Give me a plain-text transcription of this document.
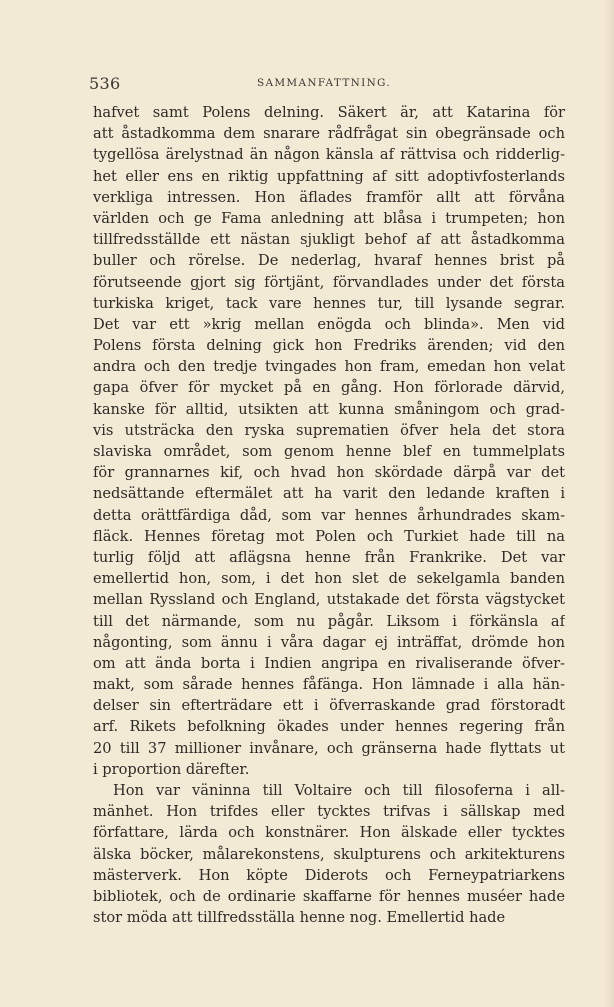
536	SAMMANFATTNING.
hafvet samt Polens delning. Säkert är, att Katarina för
att åstadkomma dem snarare rådfrågat sin obegränsade och
tygellösa ärelystnad än någon känsla af rättvisa och ridderlig-
het eller ens en riktig uppfattning af sitt adoptivfosterlands
verkliga intressen. Hon äflades framför allt att förvåna
världen och ge Fama anledning att blåsa i trumpeten; hon
tillfredsställde ett nästan sjukligt behof af att åstadkomma
buller och rörelse. De nederlag, hvaraf hennes brist på
förutseende gjort sig förtjänt, förvandlades under det första
turkiska kriget, tack vare hennes tur, till lysande segrar.
Det var ett »krig mellan enögda och blinda». Men vid
Polens första delning gick hon Fredriks ärenden; vid den
andra och den tredje tvingades hon fram, emedan hon velat
gapa öfver för mycket på en gång. Hon förlorade därvid,
kanske för alltid, utsikten att kunna småningom och grad-
vis utsträcka den ryska suprematien öfver hela det stora
slaviska området, som genom henne blef en tummelplats
för grannarnes kif, och hvad hon skördade därpå var det
nedsättande eftermälet att ha varit den ledande kraften i
detta orättfärdiga dåd, som var hennes århundrades skam-
fläck. Hennes företag mot Polen och Turkiet hade till na
turlig följd att aflägsna henne från Frankrike. Det var
emellertid hon, som, i det hon slet de sekelgamla banden
mellan Ryssland och England, utstakade det första vägstycket
till det närmande, som nu pågår. Liksom i förkänsla af
någonting, som ännu i våra dagar ej inträffat, drömde hon
om att ända borta i Indien angripa en rivaliserande öfver-
makt, som sårade hennes fåfänga. Hon lämnade i alla hän-
delser sin efterträdare ett i öfverraskande grad förstoradt
arf. Rikets befolkning ökades under hennes regering från
20 till 37 millioner invånare, och gränserna hade flyttats ut
i proportion därefter.
Hon var väninna till Voltaire och till filosoferna i all-
mänhet. Hon trifdes eller tycktes trifvas i sällskap med
författare, lärda och konstnärer. Hon älskade eller tycktes
älska böcker, målarekonstens, skulpturens och arkitekturens
mästerverk. Hon köpte Diderots och Ferneypatriarkens
bibliotek, och de ordinarie skaffarne för hennes muséer hade
stor möda att tillfredsställa henne nog. Emellertid hade
